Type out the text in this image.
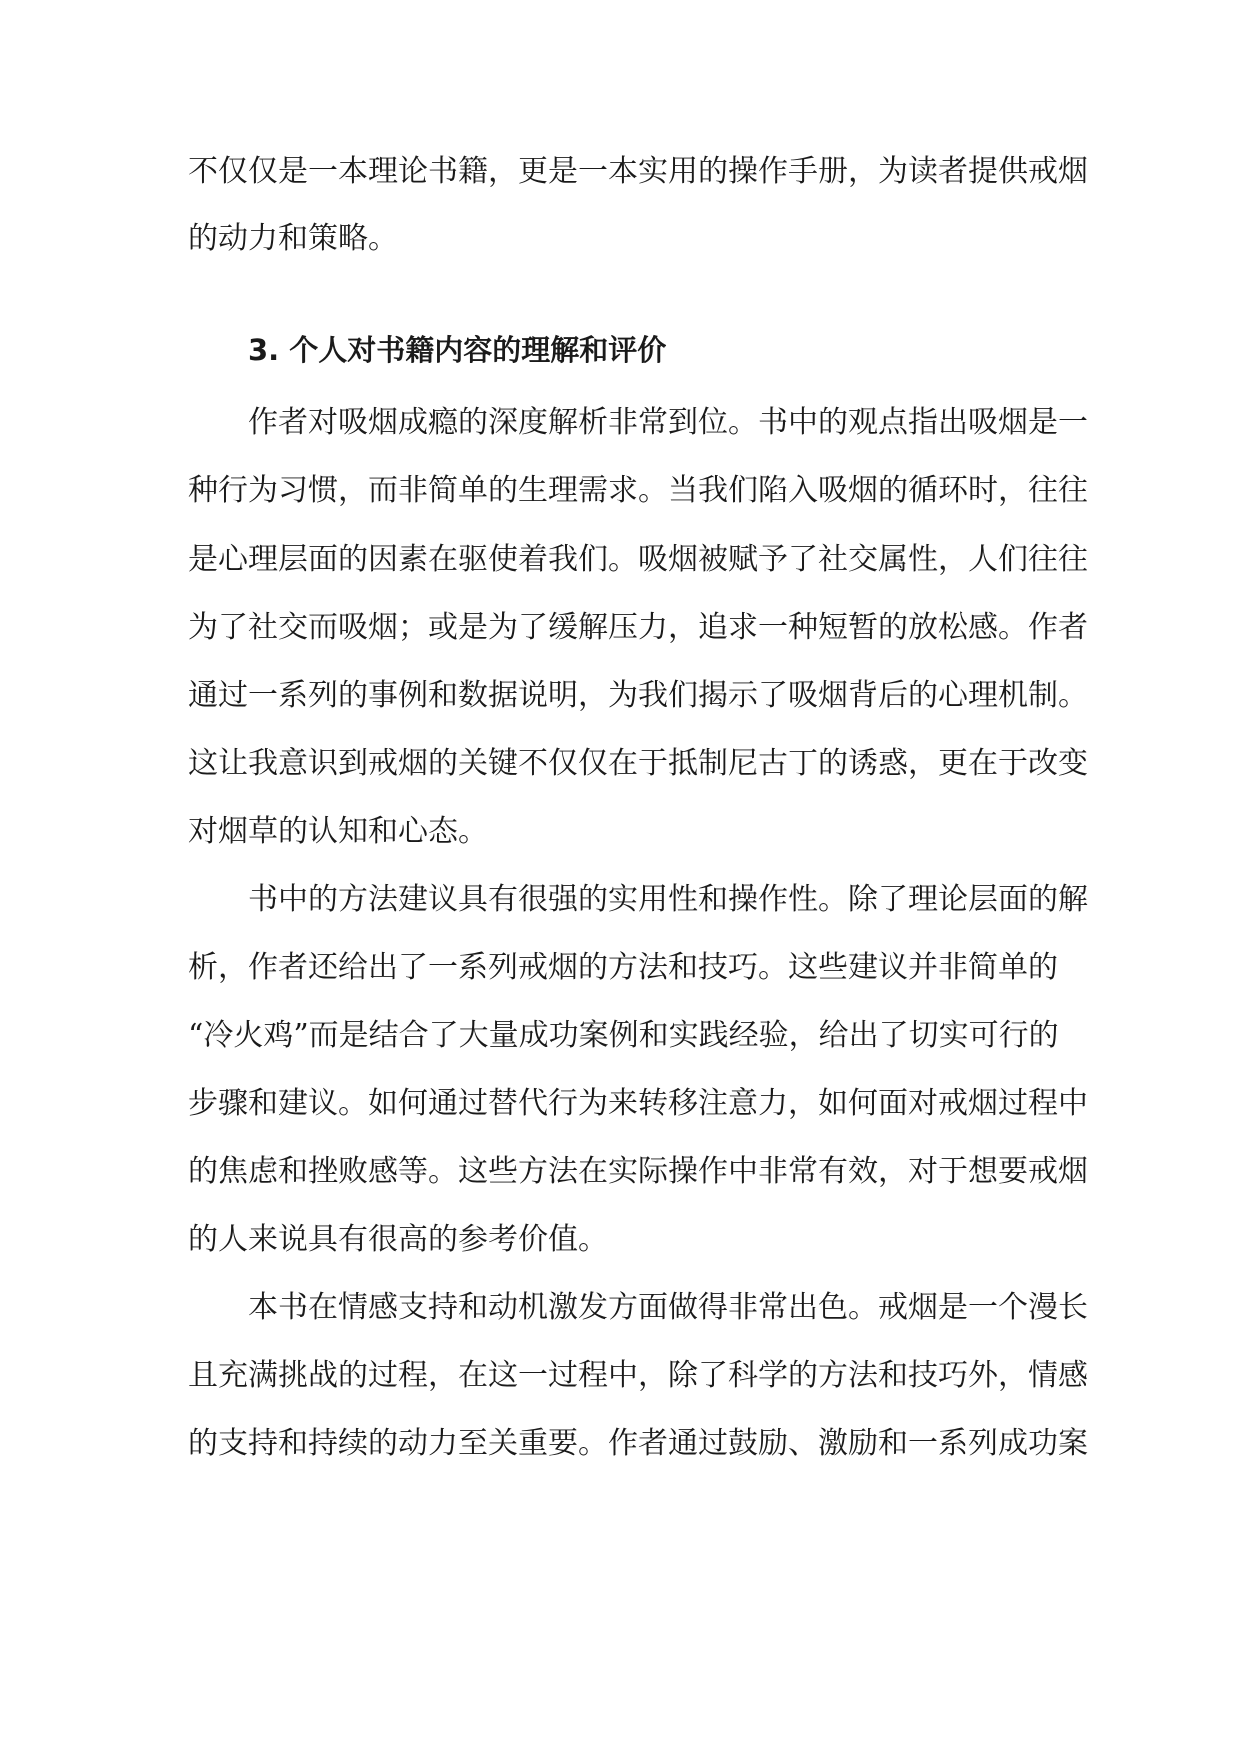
不仅仅是一本理论书籍，更是一本实用的操作手册，为读者提供戒烟

的动力和策略。

3. 个人对书籍内容的理解和评价

作者对吸烟成瘾的深度解析非常到位。书中的观点指出吸烟是一

种行为习惯，而非简单的生理需求。当我们陷入吸烟的循环时，往往

是心理层面的因素在驱使着我们。吸烟被赋予了社交属性，人们往往

为了社交而吸烟；或是为了缓解压力，追求一种短暂的放松感。作者

通过一系列的事例和数据说明，为我们揭示了吸烟背后的心理机制。

这让我意识到戒烟的关键不仅仅在于抵制尼古丁的诱惑，更在于改变

对烟草的认知和心态。

书中的方法建议具有很强的实用性和操作性。除了理论层面的解

析，作者还给出了一系列戒烟的方法和技巧。这些建议并非简单的

“冷火鸡”而是结合了大量成功案例和实践经验，给出了切实可行的

步骤和建议。如何通过替代行为来转移注意力，如何面对戒烟过程中

的焦虑和挫败感等。这些方法在实际操作中非常有效，对于想要戒烟

的人来说具有很高的参考价值。

本书在情感支持和动机激发方面做得非常出色。戒烟是一个漫长

且充满挑战的过程，在这一过程中，除了科学的方法和技巧外，情感

的支持和持续的动力至关重要。作者通过鼓励、激励和一系列成功案
